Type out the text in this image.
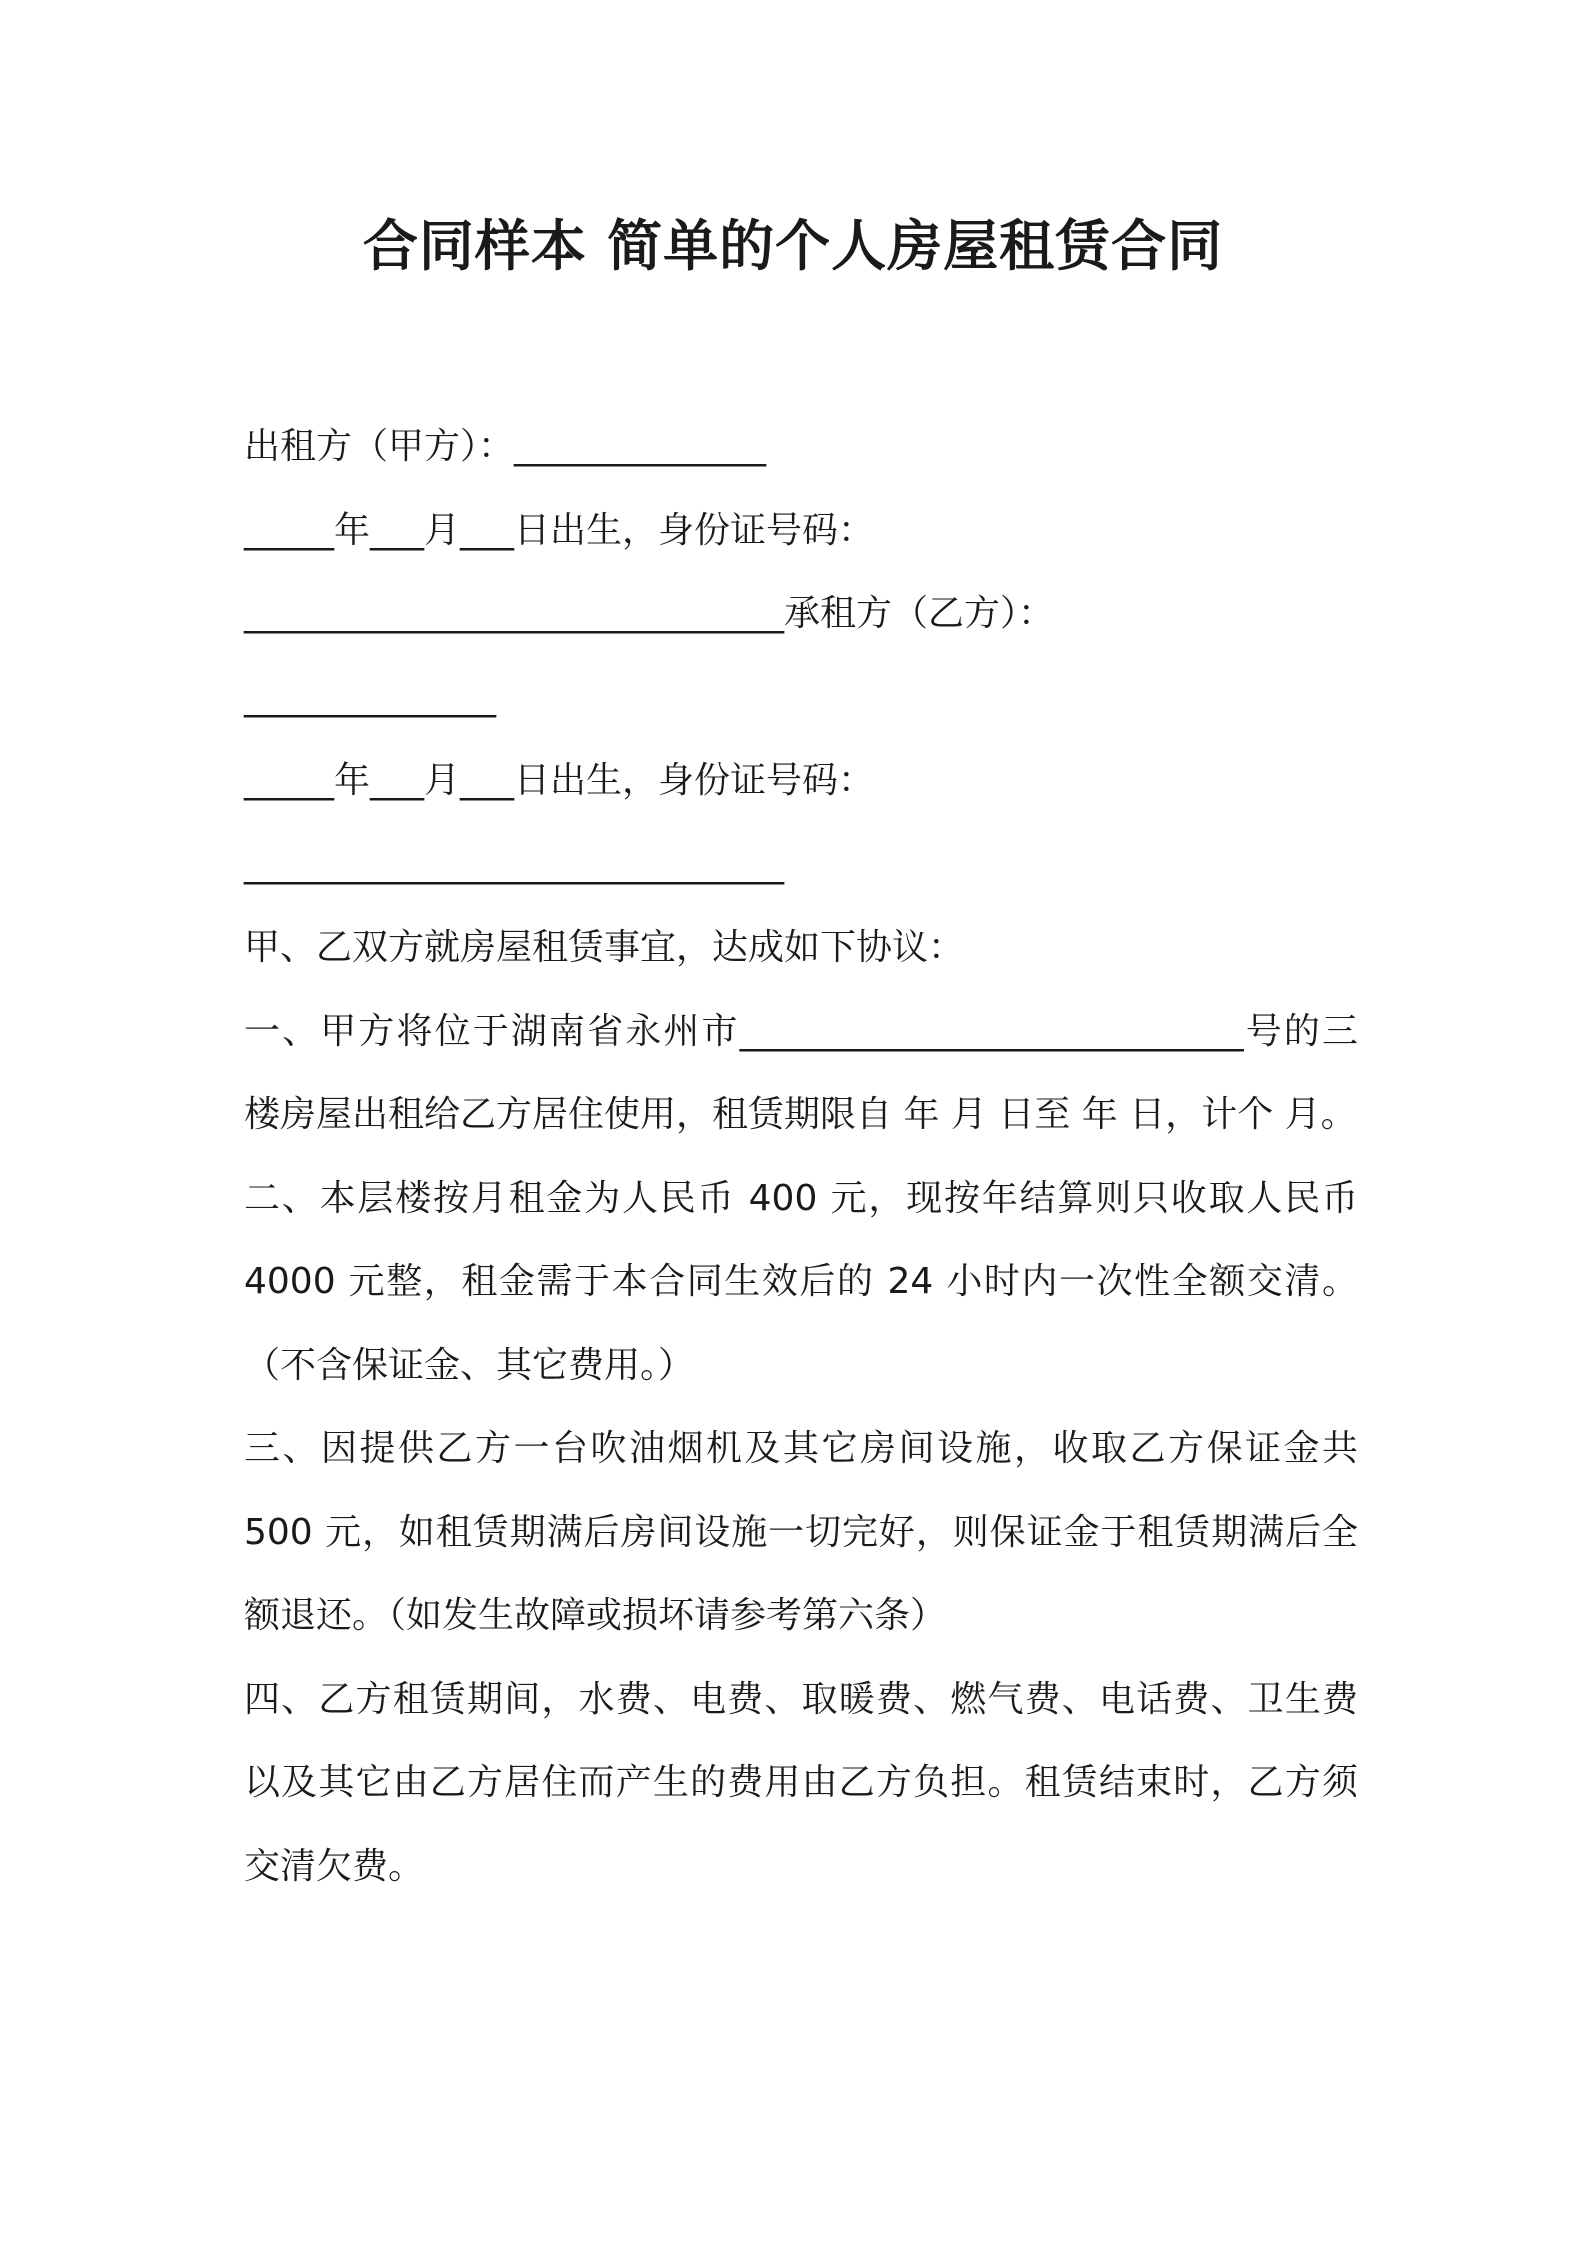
合同样本 简单的个人房屋租赁合同

出租方（甲方）：______________

_____年___月___日出生，身份证号码：

______________________________承租方（乙方）：

______________

_____年___月___日出生，身份证号码：

______________________________

甲、乙双方就房屋租赁事宜，达成如下协议：

一、甲方将位于湖南省永州市____________________________号的三楼房屋出租给乙方居住使用，租赁期限自 年 月 日至 年 日，计个 月。

二、本层楼按月租金为人民币 400 元，现按年结算则只收取人民币 4000 元整，租金需于本合同生效后的 24 小时内一次性全额交清。（不含保证金、其它费用。）

三、因提供乙方一台吹油烟机及其它房间设施，收取乙方保证金共 500 元，如租赁期满后房间设施一切完好，则保证金于租赁期满后全额退还。（如发生故障或损坏请参考第六条）

四、乙方租赁期间，水费、电费、取暖费、燃气费、电话费、卫生费以及其它由乙方居住而产生的费用由乙方负担。租赁结束时，乙方须交清欠费。
